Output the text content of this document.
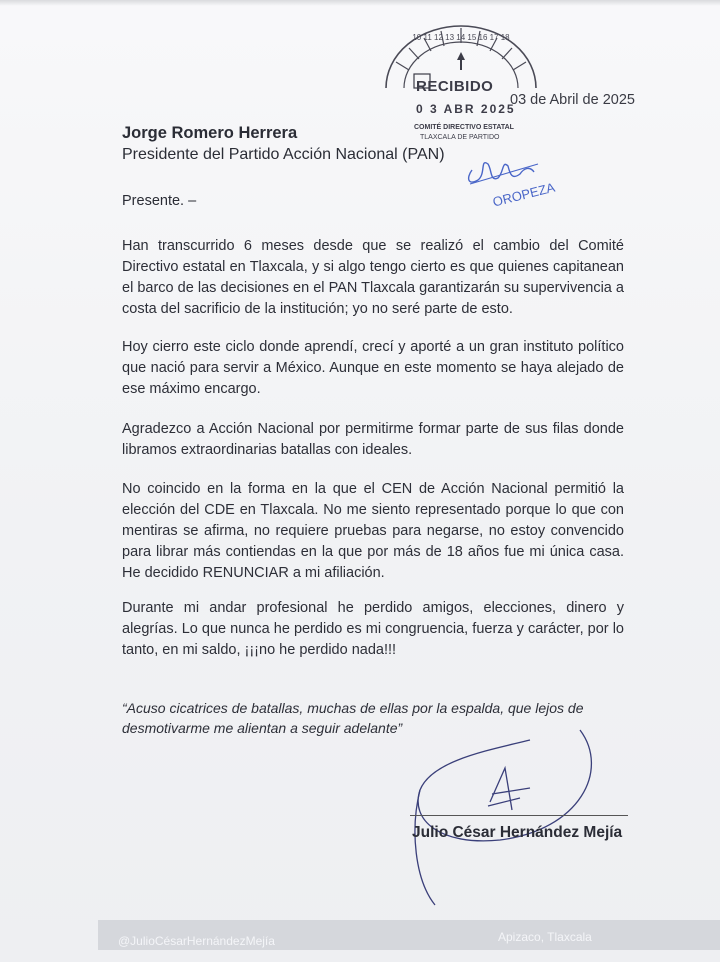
10 11 12 13 14 15 16 17 18
RECIBIDO
0 3 ABR 2025
COMITÉ DIRECTIVO ESTATAL
TLAXCALA DE PARTIDO
03 de Abril de 2025
Jorge Romero Herrera
Presidente del Partido Acción Nacional (PAN)
OROPEZA
Presente. –
Han transcurrido 6 meses desde que se realizó el cambio del Comité Directivo estatal en Tlaxcala, y si algo tengo cierto es que quienes capitanean el barco de las decisiones en el PAN Tlaxcala garantizarán su supervivencia a costa del sacrificio de la institución; yo no seré parte de esto.
Hoy cierro este ciclo donde aprendí, crecí y aporté a un gran instituto político que nació para servir a México. Aunque en este momento se haya alejado de ese máximo encargo.
Agradezco a Acción Nacional por permitirme formar parte de sus filas donde libramos extraordinarias batallas con ideales.
No coincido en la forma en la que el CEN de Acción Nacional permitió la elección del CDE en Tlaxcala. No me siento representado porque lo que con mentiras se afirma, no requiere pruebas para negarse, no estoy convencido para librar más contiendas en la que por más de 18 años fue mi única casa. He decidido RENUNCIAR a mi afiliación.
Durante mi andar profesional he perdido amigos, elecciones, dinero y alegrías. Lo que nunca he perdido es mi congruencia, fuerza y carácter, por lo tanto, en mi saldo, ¡¡¡no he perdido nada!!!
“Acuso cicatrices de batallas, muchas de ellas por la espalda, que lejos de desmotivarme me alientan a seguir adelante”
Julio César Hernández Mejía
@JulioCésarHernándezMejía	Apizaco, Tlaxcala
